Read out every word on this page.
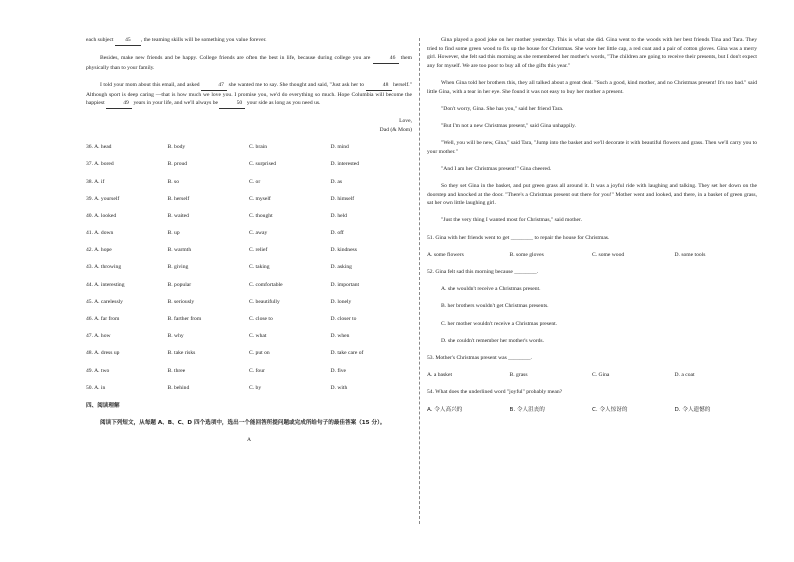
each subject 45 , the teaming skills will be something you value forever.

Besides, make new friends and be happy. College friends are often the best in life, because during college you are	46 them physically than to your family.

I told your mom about this email, and asked	47 she wanted me to say. She thought and said, "Just ask her to	48 herself." Although sport is deep caring —that is how much we love you. I promise you, we'd do everything so much. Hope Columbia will become the happiest	49 years in your life, and we'll always be	50 your side as long as you need us.

Love,

Dad (& Mom)

36. A. head	B. body	C. brain	D. mind
37. A. bored	B. proud	C. surprised	D. interested
38. A. if	B. so	C. or	D. as
39. A. yourself	B. herself	C. myself	D. himself
40. A. looked	B. waited	C. thought	D. held
41. A. down	B. up	C. away	D. off
42. A. hope	B. warmth	C. relief	D. kindness
43. A. throwing	B. giving	C. taking	D. asking
44. A. interesting	B. popular	C. comfortable	D. important
45. A. carelessly	B. seriously	C. beautifully	D. lonely
46. A. far from	B. farther from	C. close to	D. closer to
47. A. how	B. why	C. what	D. when
48. A. dress up	B. take risks	C. put on	D. take care of
49. A. two	B. three	C. four	D. five
50. A. in	B. behind	C. by	D. with

四、阅读理解

阅读下列短文，从每题 A、B、C、D 四个选项中，选出一个能回答所提问题或完成所给句子的最佳答案（15 分）。

A

Gina played a good joke on her mother yesterday. This is what she did. Gina went to the woods with her best friends Tina and Tara. They tried to find some green wood to fix up the house for Christmas. She wore her little cap, a red coat and a pair of cotton gloves. Gina was a merry girl. However, she felt sad this morning as she remembered her mother's words, "The children are going to receive their presents, but I don't expect any for myself. We are too poor to buy all of the gifts this year."

When Gina told her brothers this, they all talked about a great deal. "Such a good, kind mother, and no Christmas present! It's too bad." said little Gina, with a tear in her eye. She found it was not easy to buy her mother a present.

"Don't worry, Gina. She has you," said her friend Tara.

"But I'm not a new Christmas present," said Gina unhappily.

"Well, you will be new, Gina," said Tara, "Jump into the basket and we'll decorate it with beautiful flowers and grass. Then we'll carry you to your mother."

"And I am her Christmas present!" Gina cheered.

So they set Gina in the basket, and put green grass all around it. It was a joyful ride with laughing and talking. They set her down on the doorstep and knocked at the door. "There's a Christmas present out there for you!" Mother went and looked, and there, in a basket of green grass, sat her own little laughing girl.

"Just the very thing I wanted most for Christmas," said mother.

51. Gina with her friends went to get ________ to repair the house for Christmas.

A. some flowers	B. some gloves	C. some wood	D. some tools

52. Gina felt sad this morning because ________.

A. she wouldn't receive a Christmas present.

B. her brothers wouldn't get Christmas presents.

C. her mother wouldn't receive a Christmas present.

D. she couldn't remember her mother's words.

53. Mother's Christmas present was ________.

A. a basket	B. grass	C. Gina	D. a coat

54. What does the underlined word "joyful" probably mean?

A. 令人高兴的	B. 令人沮丧的	C. 令人惊讶的	D. 令人遗憾的
